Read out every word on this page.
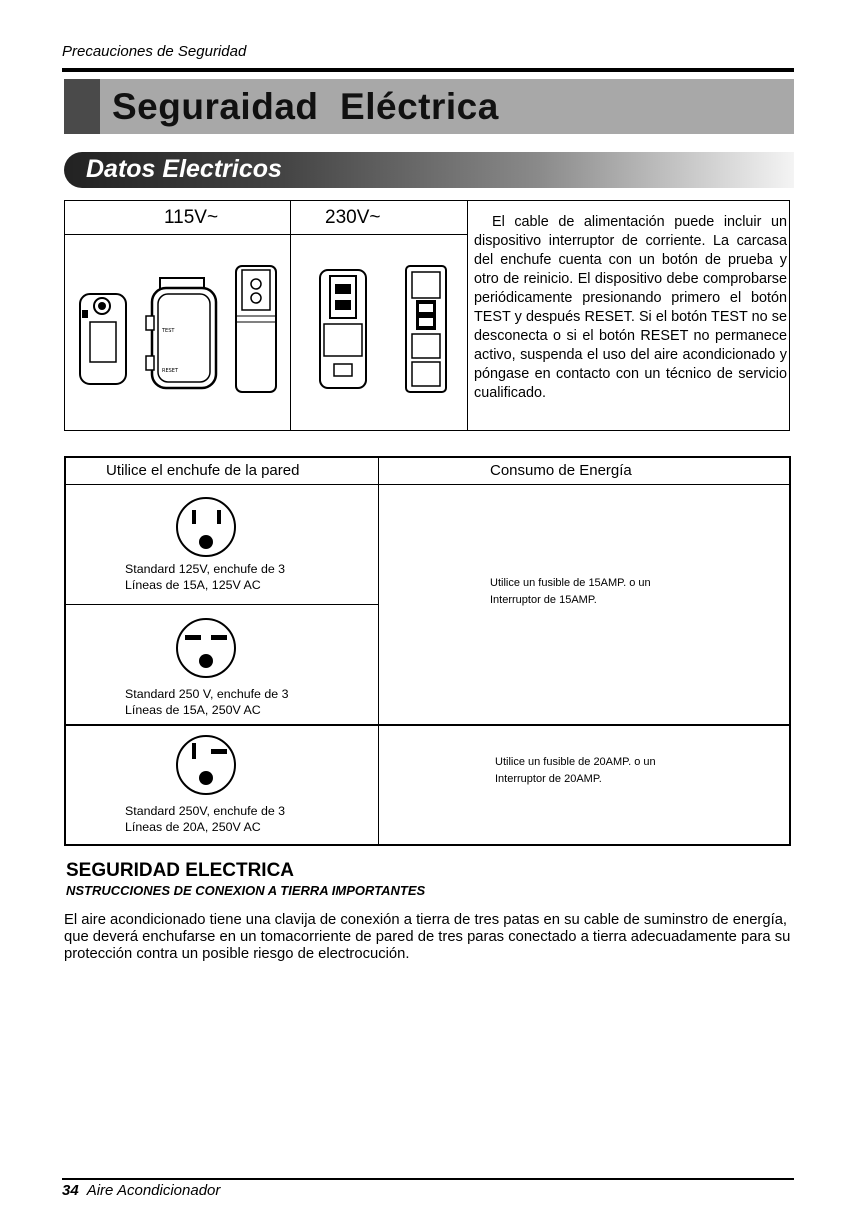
Precauciones de Seguridad
Seguraidad  Eléctrica
Datos Electricos
115V~	230V~
TEST
RESET
El cable de alimentación puede incluir un dispositivo interruptor de corriente. La carcasa del enchufe cuenta con un botón de prueba y otro de reinicio. El dispositivo debe comprobarse periódicamente presionando primero el botón TEST y después RESET. Si el botón TEST no se desconecta o si el botón RESET no permanece activo, suspenda el uso del aire acondicionado y póngase en contacto con un técnico de servicio cualificado.
Utilice el enchufe de la pared	Consumo de Energía
Standard 125V, enchufe de 3
Líneas de 15A, 125V AC
Standard 250 V, enchufe de 3
Líneas de 15A, 250V AC
Standard 250V, enchufe de 3
Líneas de 20A, 250V AC
Utilice un fusible de 15AMP. o un
Interruptor de 15AMP.
Utilice un fusible de 20AMP. o un
Interruptor de 20AMP.
SEGURIDAD ELECTRICA
NSTRUCCIONES DE CONEXION A TIERRA IMPORTANTES
El aire acondicionado tiene una clavija de conexión a tierra de tres patas en su cable de suminstro de energía, que deverá enchufarse en un tomacorriente de pared de tres paras conectado a tierra adecuadamente para su protección contra un posible riesgo de electrocución.
34 Aire Acondicionador
